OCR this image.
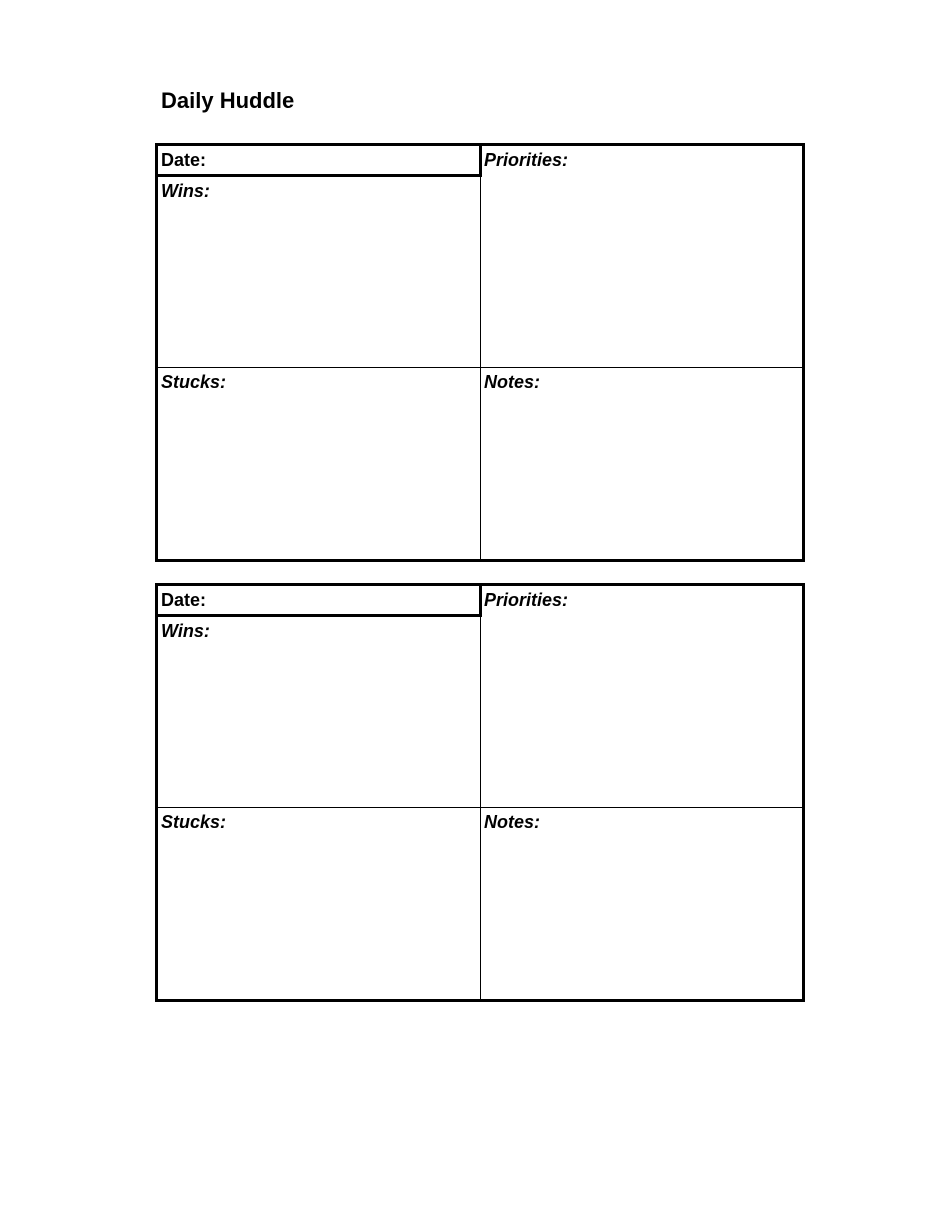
Daily Huddle
Date:
Wins:
Priorities:
Stucks:	Notes:
Date:
Wins:
Priorities:
Stucks:	Notes:
